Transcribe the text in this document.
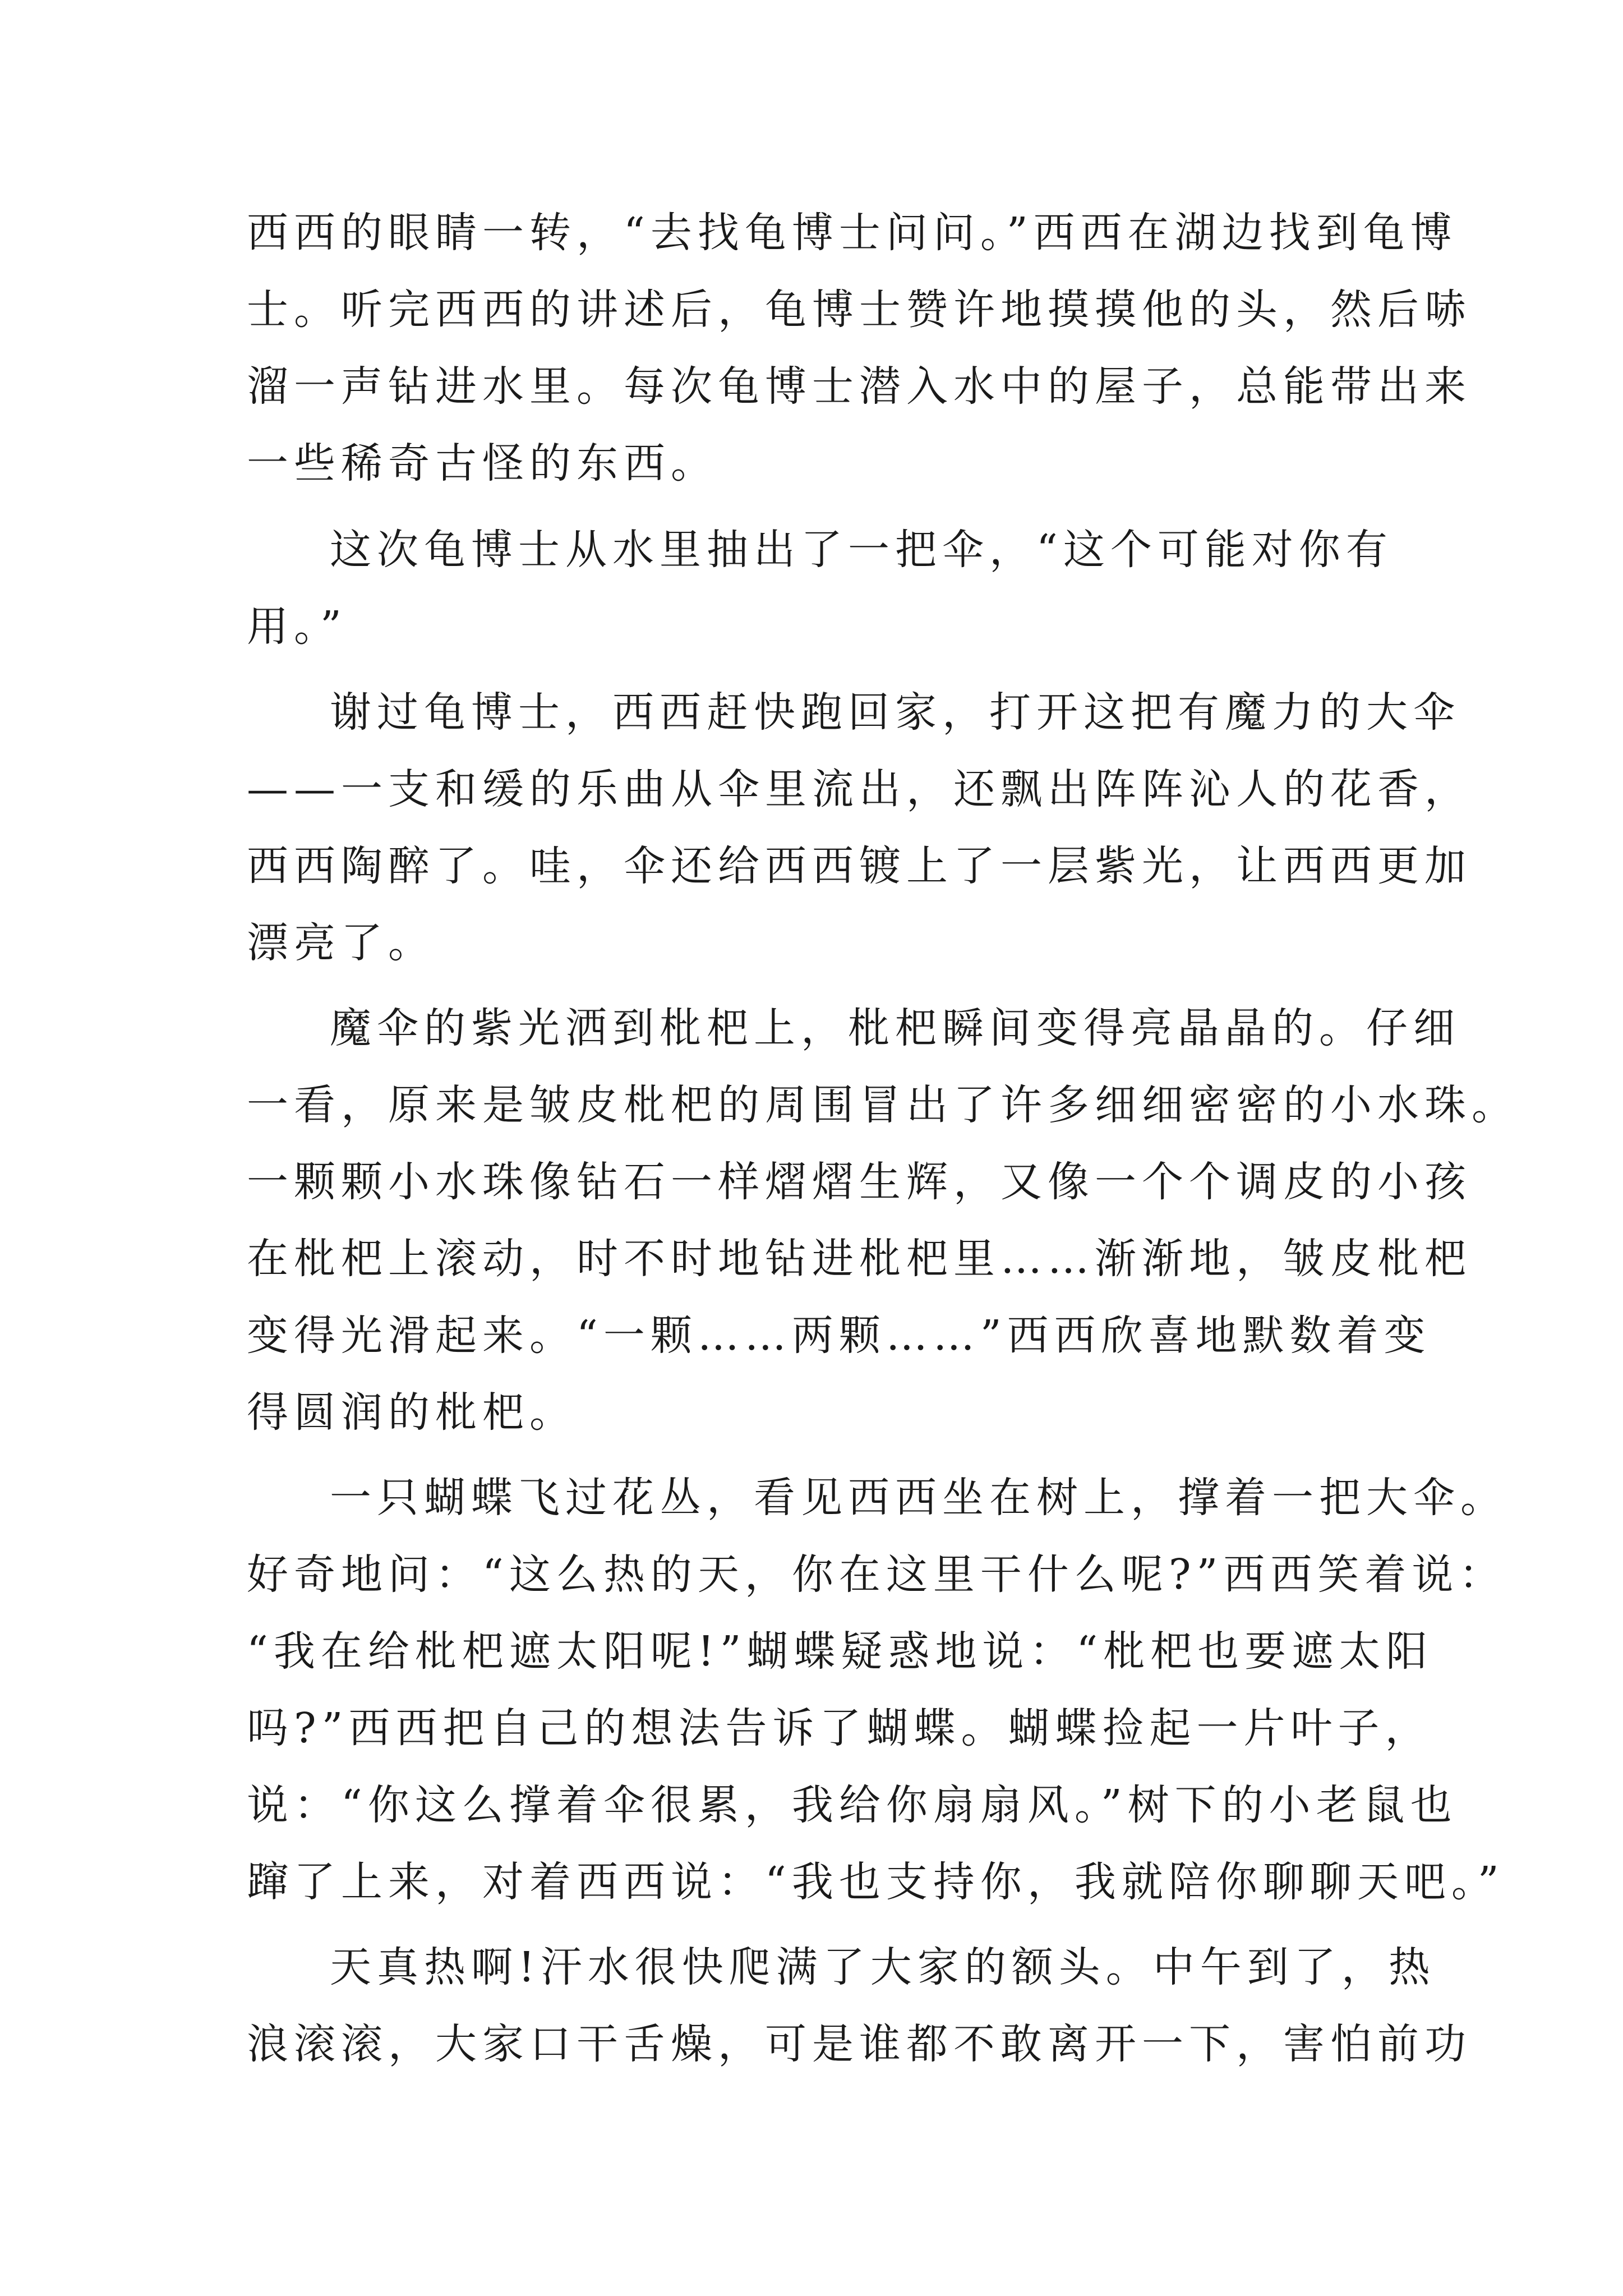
西西的眼睛一转，“去找龟博士问问。”西西在湖边找到龟博
士。听完西西的讲述后，龟博士赞许地摸摸他的头，然后哧
溜一声钻进水里。每次龟博士潜入水中的屋子，总能带出来
一些稀奇古怪的东西。
这次龟博士从水里抽出了一把伞，“这个可能对你有
用。”
谢过龟博士，西西赶快跑回家，打开这把有魔力的大伞
——一支和缓的乐曲从伞里流出，还飘出阵阵沁人的花香，
西西陶醉了。哇，伞还给西西镀上了一层紫光，让西西更加
漂亮了。
魔伞的紫光洒到枇杷上，枇杷瞬间变得亮晶晶的。仔细
一看，原来是皱皮枇杷的周围冒出了许多细细密密的小水珠。
一颗颗小水珠像钻石一样熠熠生辉，又像一个个调皮的小孩
在枇杷上滚动，时不时地钻进枇杷里……渐渐地，皱皮枇杷
变得光滑起来。“一颗……两颗……”西西欣喜地默数着变
得圆润的枇杷。
一只蝴蝶飞过花丛，看见西西坐在树上，撑着一把大伞。
好奇地问：“这么热的天，你在这里干什么呢?”西西笑着说：
“我在给枇杷遮太阳呢!”蝴蝶疑惑地说：“枇杷也要遮太阳
吗?”西西把自己的想法告诉了蝴蝶。蝴蝶捡起一片叶子，
说：“你这么撑着伞很累，我给你扇扇风。”树下的小老鼠也
蹿了上来，对着西西说：“我也支持你，我就陪你聊聊天吧。”
天真热啊!汗水很快爬满了大家的额头。中午到了，热
浪滚滚，大家口干舌燥，可是谁都不敢离开一下，害怕前功
